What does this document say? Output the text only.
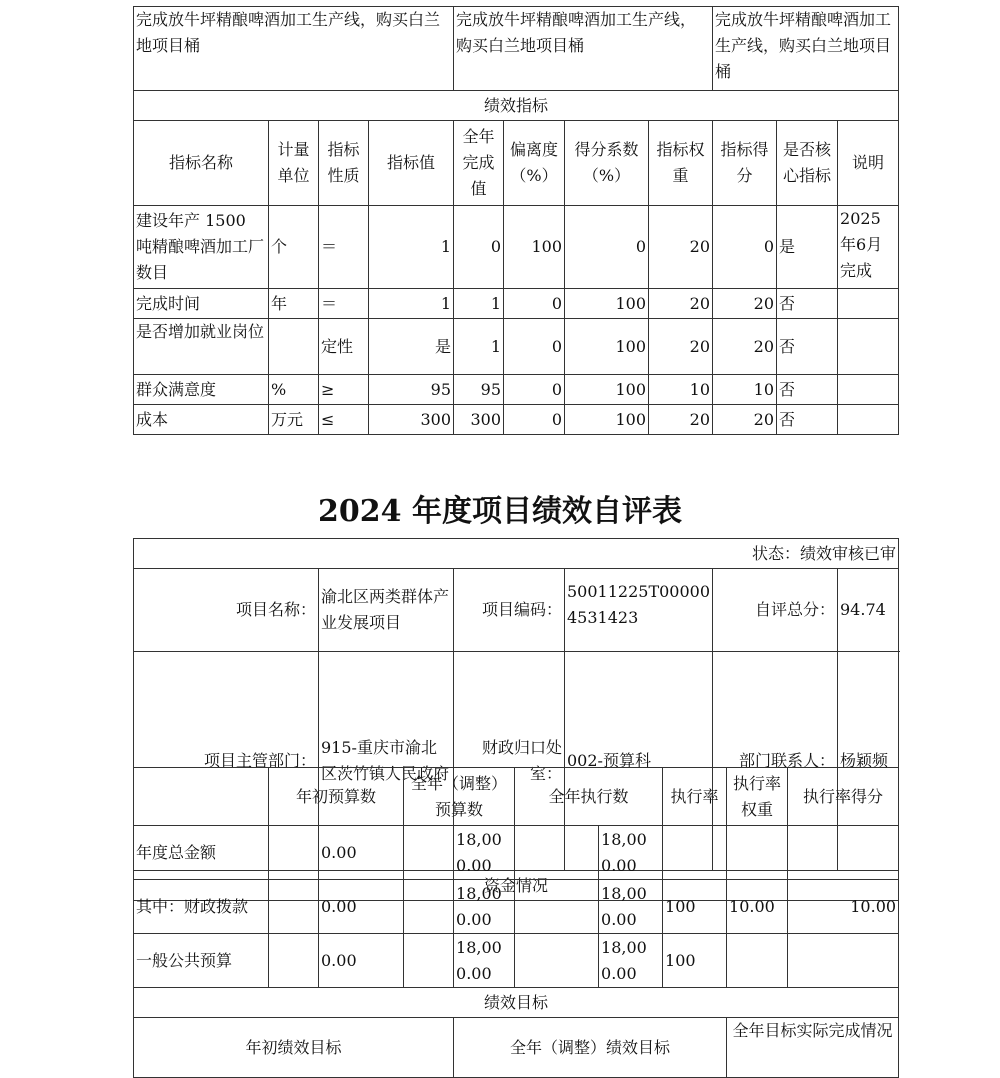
完成放牛坪精酿啤酒加工生产线，购买白兰地项目桶				完成放牛坪精酿啤酒加工生产线，购买白兰地项目桶				完成放牛坪精酿啤酒加工生产线，购买白兰地项目桶		
绩效指标										
指标名称	计量单位	指标性质	指标值	全年完成值	偏离度（%）	得分系数（%）	指标权重	指标得分	是否核心指标	说明
建设年产 1500 吨精酿啤酒加工厂数目	个	＝	1	0	100	0	20	0	是	2025年6月完成
完成时间	年	＝	1	1	0	100	20	20	否	
是否增加就业岗位		定性	是	1	0	100	20	20	否	
群众满意度	%	≥	95	95	0	100	10	10	否	
成本	万元	≤	300	300	0	100	20	20	否	
2024 年度项目绩效自评表
状态：绩效审核已审						
项目名称：	渝北区两类群体产业发展项目	项目编码：	50011225T000004531423	自评总分：	94.74		
项目主管部门：	915-重庆市渝北区茨竹镇人民政府	财政归口处室：	002-预算科	部门联系人：	杨颖频		
资金情况						
	年初预算数		全年（调整）预算数		全年执行数		执行率	执行率权重	执行率得分
年度总金额		0.00		18,000.00		18,000.00			
其中：财政拨款		0.00		18,000.00		18,000.00	100	10.00	10.00
一般公共预算		0.00		18,000.00		18,000.00	100		
绩效目标									
年初绩效目标				全年（调整）绩效目标				全年目标实际完成情况	
